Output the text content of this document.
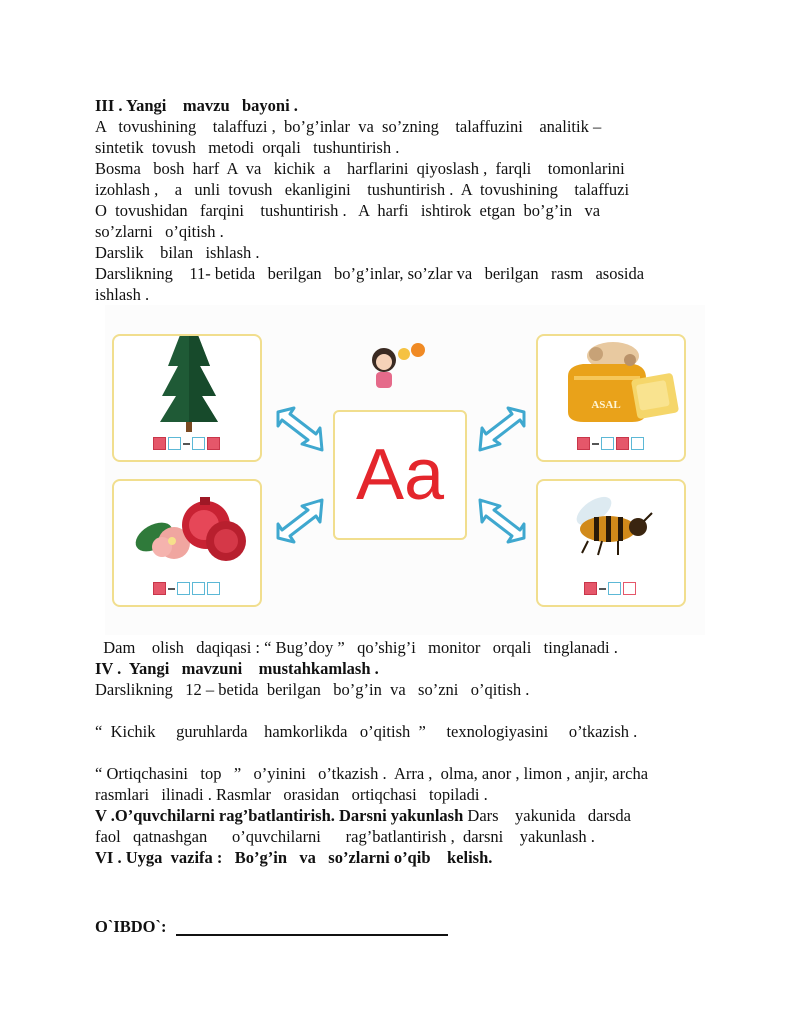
III . Yangi    mavzu   bayoni .
A   tovushining    talaffuzi ,  bo’g’inlar  va  so’zning    talaffuzini    analitik –
sintetik  tovush   metodi  orqali   tushuntirish .
Bosma   bosh  harf  A  va   kichik  a    harflarini  qiyoslash ,  farqli    tomonlarini
izohlash ,    a   unli  tovush   ekanligini    tushuntirish .  A  tovushining    talaffuzi
O  tovushidan   farqini    tushuntirish .   A  harfi   ishtirok  etgan  bo’g’in   va
so’zlarni   o’qitish .
Darslik    bilan   ishlash .
Darslikning    11- betida   berilgan   bo’g’inlar, so’zlar va   berilgan   rasm   asosida
ishlash .
ASAL
Aa
Dam    olish   daqiqasi : “ Bug’doy ”   qo’shig’i   monitor   orqali   tinglanadi .
IV .  Yangi   mavzuni    mustahkamlash .
Darslikning   12 – betida  berilgan   bo’g’in  va   so’zni   o’qitish .
“  Kichik     guruhlarda    hamkorlikda   o’qitish  ”     texnologiyasini     o’tkazish .
“ Ortiqchasini   top   ”   o’yinini   o’tkazish .  Arra ,  olma, anor , limon , anjir, archa
rasmlari   ilinadi . Rasmlar   orasidan   ortiqchasi   topiladi .
V .O’quvchilarni rag’batlantirish. Darsni yakunlash Dars    yakunida   darsda
faol   qatnashgan      o’quvchilarni      rag’batlantirish ,  darsni    yakunlash .
VI . Uyga  vazifa :   Bo’g’in   va   so’zlarni o’qib    kelish.
O`IBDO`:
